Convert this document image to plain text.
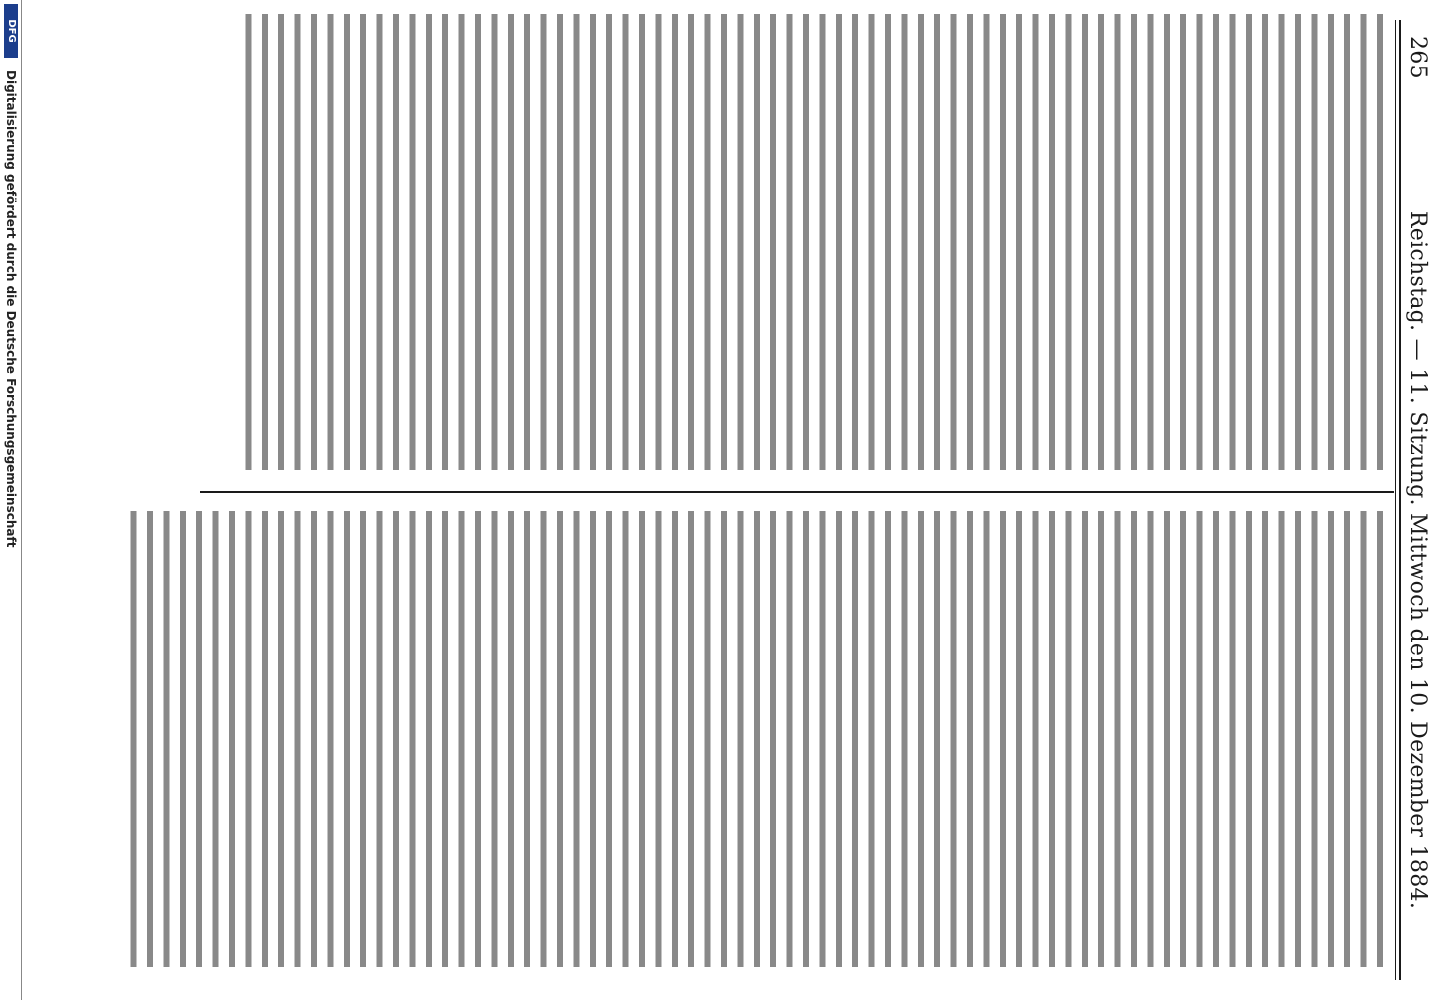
265
Reichstag. — 11. Sitzung. Mittwoch den 10. Dezember 1884.

DFG
Digitalisierung gefördert durch die Deutsche Forschungsgemeinschaft
